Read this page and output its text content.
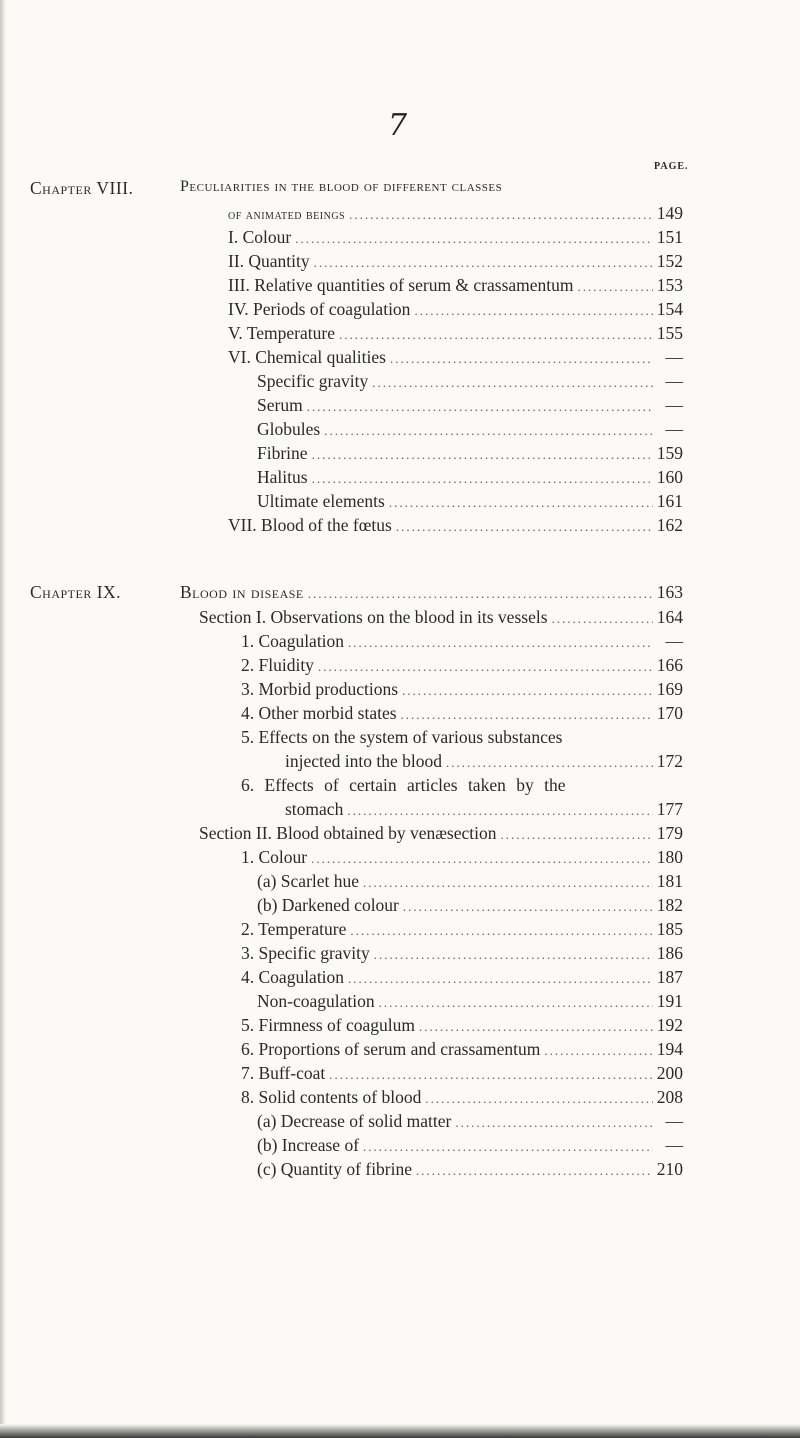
7
PAGE.
Chapter VIII.	Peculiarities in the blood of different classes
of animated beings .....	149
I. Colour .....	151
II. Quantity .....	152
III. Relative quantities of serum & crassamentum .....	153
IV. Periods of coagulation .....	154
V. Temperature .....	155
VI. Chemical qualities .....	—
Specific gravity .....	—
Serum .....	—
Globules .....	—
Fibrine .....	159
Halitus .....	160
Ultimate elements .....	161
VII. Blood of the fœtus .....	162
Chapter IX.	Blood in disease .....	163
Section I. Observations on the blood in its vessels .....	164
1. Coagulation .....	—
2. Fluidity .....	166
3. Morbid productions .....	169
4. Other morbid states .....	170
5. Effects on the system of various substances
injected into the blood .....	172
6. Effects of certain articles taken by the
stomach .....	177
Section II. Blood obtained by venæsection .....	179
1. Colour .....	180
(a) Scarlet hue .....	181
(b) Darkened colour .....	182
2. Temperature .....	185
3. Specific gravity .....	186
4. Coagulation .....	187
Non-coagulation .....	191
5. Firmness of coagulum .....	192
6. Proportions of serum and crassamentum .....	194
7. Buff-coat .....	200
8. Solid contents of blood .....	208
(a) Decrease of solid matter .....	—
(b) Increase of .....	—
(c) Quantity of fibrine .....	210
